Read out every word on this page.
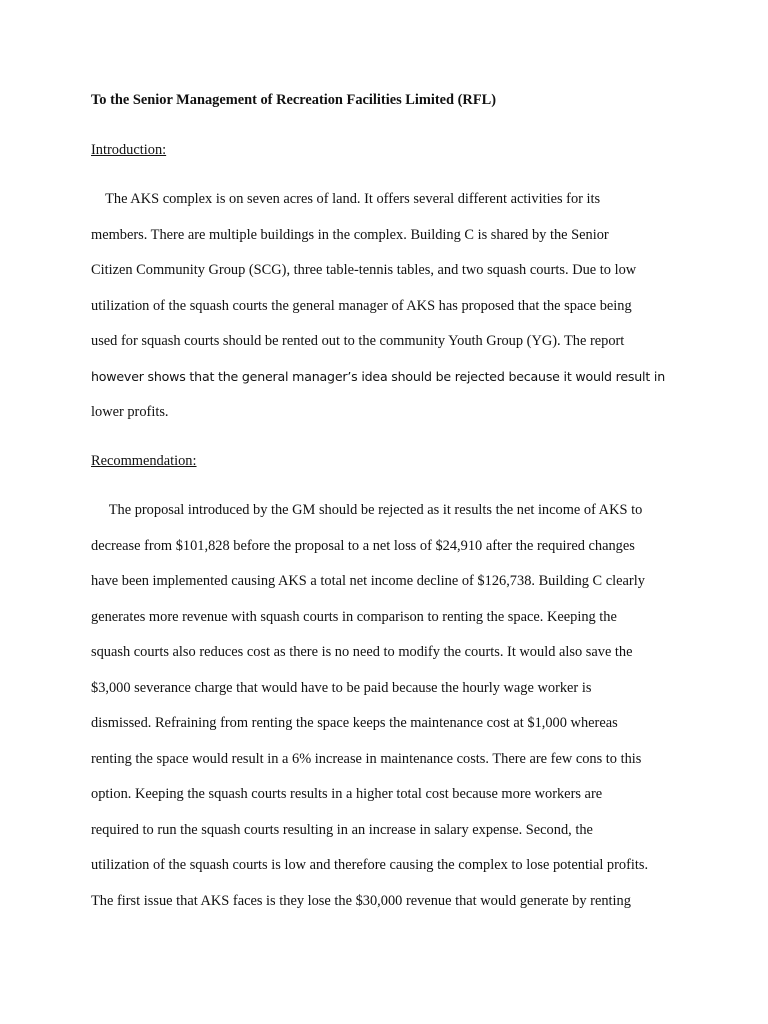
To the Senior Management of Recreation Facilities Limited (RFL)
Introduction:
The AKS complex is on seven acres of land. It offers several different activities for its
members. There are multiple buildings in the complex. Building C is shared by the Senior
Citizen Community Group (SCG), three table-tennis tables, and two squash courts. Due to low
utilization of the squash courts the general manager of AKS has proposed that the space being
used for squash courts should be rented out to the community Youth Group (YG). The report
however shows that the general manager’s idea should be rejected because it would result in
lower profits.
Recommendation:
The proposal introduced by the GM should be rejected as it results the net income of AKS to
decrease from $101,828 before the proposal to a net loss of $24,910 after the required changes
have been implemented causing AKS a total net income decline of $126,738. Building C clearly
generates more revenue with squash courts in comparison to renting the space. Keeping the
squash courts also reduces cost as there is no need to modify the courts. It would also save the
$3,000 severance charge that would have to be paid because the hourly wage worker is
dismissed. Refraining from renting the space keeps the maintenance cost at $1,000 whereas
renting the space would result in a 6% increase in maintenance costs. There are few cons to this
option. Keeping the squash courts results in a higher total cost because more workers are
required to run the squash courts resulting in an increase in salary expense. Second, the
utilization of the squash courts is low and therefore causing the complex to lose potential profits.
The first issue that AKS faces is they lose the $30,000 revenue that would generate by renting
